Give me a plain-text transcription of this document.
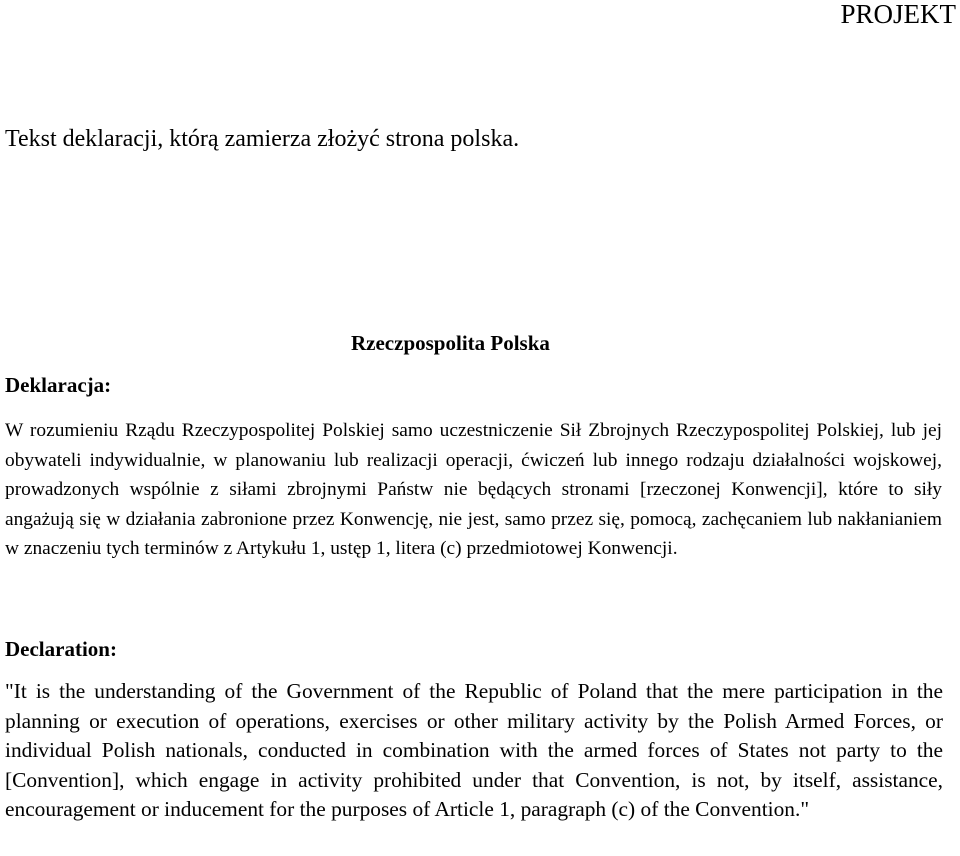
PROJEKT
Tekst deklaracji, którą zamierza złożyć strona polska.
Rzeczpospolita Polska
Deklaracja:

W rozumieniu Rządu Rzeczypospolitej Polskiej samo uczestniczenie Sił Zbrojnych Rzeczypospolitej Polskiej, lub jej obywateli indywidualnie, w planowaniu lub realizacji operacji, ćwiczeń lub innego rodzaju działalności wojskowej, prowadzonych wspólnie z siłami zbrojnymi Państw nie będących stronami [rzeczonej Konwencji], które to siły angażują się w działania zabronione przez Konwencję, nie jest, samo przez się, pomocą, zachęcaniem lub nakłanianiem w znaczeniu tych terminów z Artykułu 1, ustęp 1, litera (c) przedmiotowej Konwencji.

Declaration:

"It is the understanding of the Government of the Republic of Poland that the mere participation in the planning or execution of operations, exercises or other military activity by the Polish Armed Forces, or individual Polish nationals, conducted in combination with the armed forces of States not party to the [Convention], which engage in activity prohibited under that Convention, is not, by itself, assistance, encouragement or inducement for the purposes of Article 1, paragraph (c) of the Convention."
